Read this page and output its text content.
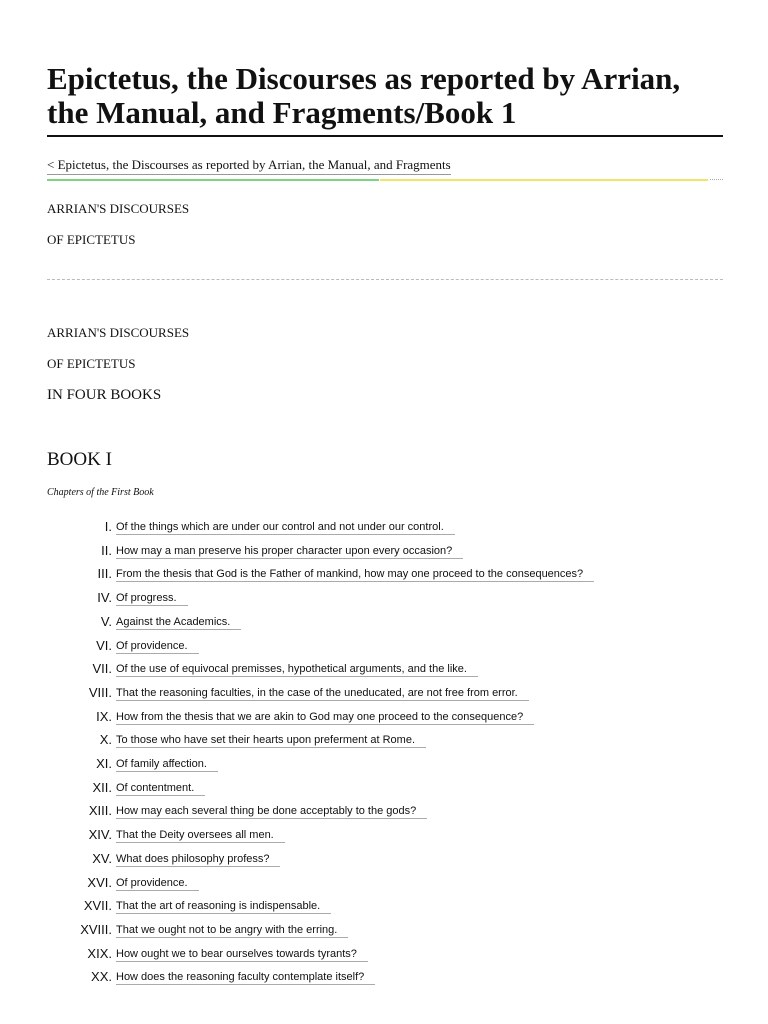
Epictetus, the Discourses as reported by Arrian,
the Manual, and Fragments/Book 1
< Epictetus, the Discourses as reported by Arrian, the Manual, and Fragments
ARRIAN'S DISCOURSES
OF EPICTETUS
ARRIAN'S DISCOURSES
OF EPICTETUS
IN FOUR BOOKS
BOOK I
Chapters of the First Book
I. Of the things which are under our control and not under our control.
II. How may a man preserve his proper character upon every occasion?
III. From the thesis that God is the Father of mankind, how may one proceed to the consequences?
IV. Of progress.
V. Against the Academics.
VI. Of providence.
VII. Of the use of equivocal premisses, hypothetical arguments, and the like.
VIII. That the reasoning faculties, in the case of the uneducated, are not free from error.
IX. How from the thesis that we are akin to God may one proceed to the consequence?
X. To those who have set their hearts upon preferment at Rome.
XI. Of family affection.
XII. Of contentment.
XIII. How may each several thing be done acceptably to the gods?
XIV. That the Deity oversees all men.
XV. What does philosophy profess?
XVI. Of providence.
XVII. That the art of reasoning is indispensable.
XVIII. That we ought not to be angry with the erring.
XIX. How ought we to bear ourselves towards tyrants?
XX. How does the reasoning faculty contemplate itself?
